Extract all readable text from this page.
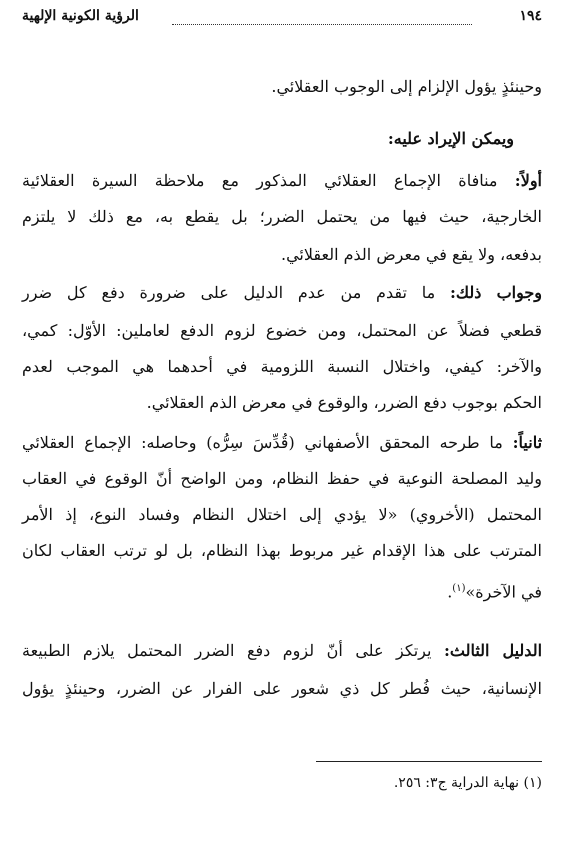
١٩٤
الرؤية الكونية الإلهية
وحينئذٍ يؤول الإلزام إلى الوجوب العقلائي.
ويمكن الإيراد عليه:
أولاً: منافاة الإجماع العقلائي المذكور مع ملاحظة السيرة العقلائية
الخارجية، حيث فيها من يحتمل الضرر؛ بل يقطع به، مع ذلك لا يلتزم
بدفعه، ولا يقع في معرض الذم العقلائي.
وجواب ذلك: ما تقدم من عدم الدليل على ضرورة دفع كل ضرر
قطعي فضلاً عن المحتمل، ومن خضوع لزوم الدفع لعاملين: الأوّل: كمي،
والآخر: كيفي، واختلال النسبة اللزومية في أحدهما هي الموجب لعدم
الحكم بوجوب دفع الضرر، والوقوع في معرض الذم العقلائي.
ثانياً: ما طرحه المحقق الأصفهاني (قُدِّسَ سِرُّه) وحاصله: الإجماع العقلائي
وليد المصلحة النوعية في حفظ النظام، ومن الواضح أنّ الوقوع في العقاب
المحتمل (الأخروي) «لا يؤدي إلى اختلال النظام وفساد النوع، إذ الأمر
المترتب على هذا الإقدام غير مربوط بهذا النظام، بل لو ترتب العقاب لكان
في الآخرة»$^{(١)}$.
الدليل الثالث: يرتكز على أنّ لزوم دفع الضرر المحتمل يلازم الطبيعة
الإنسانية، حيث فُطر كل ذي شعور على الفرار عن الضرر، وحينئذٍ يؤول
(١) نهاية الدراية ج٣: ٢٥٦.
